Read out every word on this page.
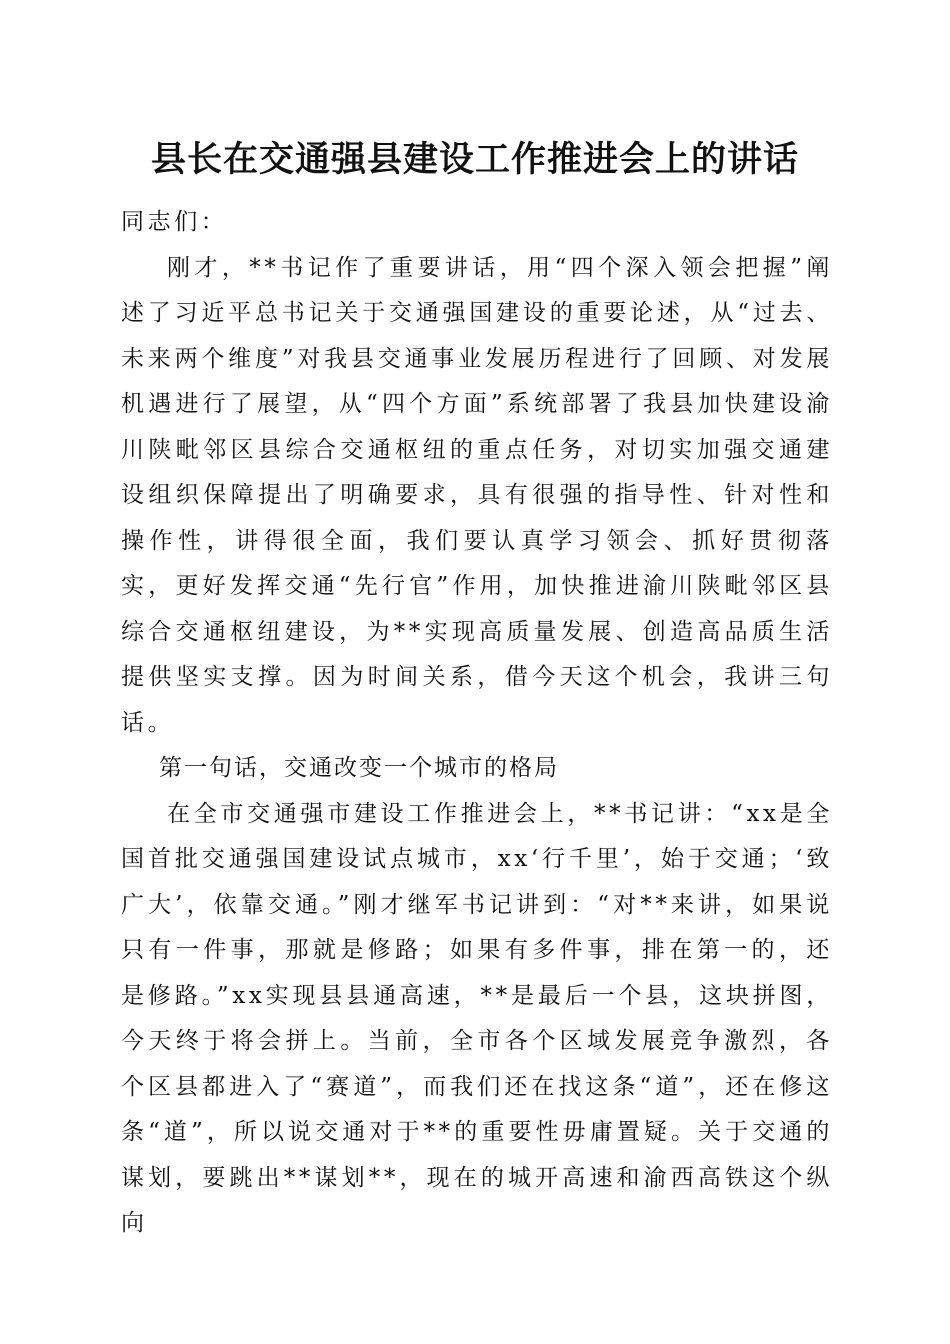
县长在交通强县建设工作推进会上的讲话

同志们：

刚才，**书记作了重要讲话，用“四个深入领会把握”阐述了习近平总书记关于交通强国建设的重要论述，从“过去、未来两个维度”对我县交通事业发展历程进行了回顾、对发展机遇进行了展望，从“四个方面”系统部署了我县加快建设渝川陕毗邻区县综合交通枢纽的重点任务，对切实加强交通建设组织保障提出了明确要求，具有很强的指导性、针对性和操作性，讲得很全面，我们要认真学习领会、抓好贯彻落实，更好发挥交通“先行官”作用，加快推进渝川陕毗邻区县综合交通枢纽建设，为**实现高质量发展、创造高品质生活提供坚实支撑。因为时间关系，借今天这个机会，我讲三句话。

第一句话，交通改变一个城市的格局

在全市交通强市建设工作推进会上，**书记讲：“xx是全国首批交通强国建设试点城市，xx‘行千里’，始于交通；‘致广大’，依靠交通。”刚才继军书记讲到：“对**来讲，如果说只有一件事，那就是修路；如果有多件事，排在第一的，还是修路。”xx实现县县通高速，**是最后一个县，这块拼图，今天终于将会拼上。当前，全市各个区域发展竞争激烈，各个区县都进入了“赛道”，而我们还在找这条“道”，还在修这条“道”，所以说交通对于**的重要性毋庸置疑。关于交通的谋划，要跳出**谋划**，现在的城开高速和渝西高铁这个纵向
